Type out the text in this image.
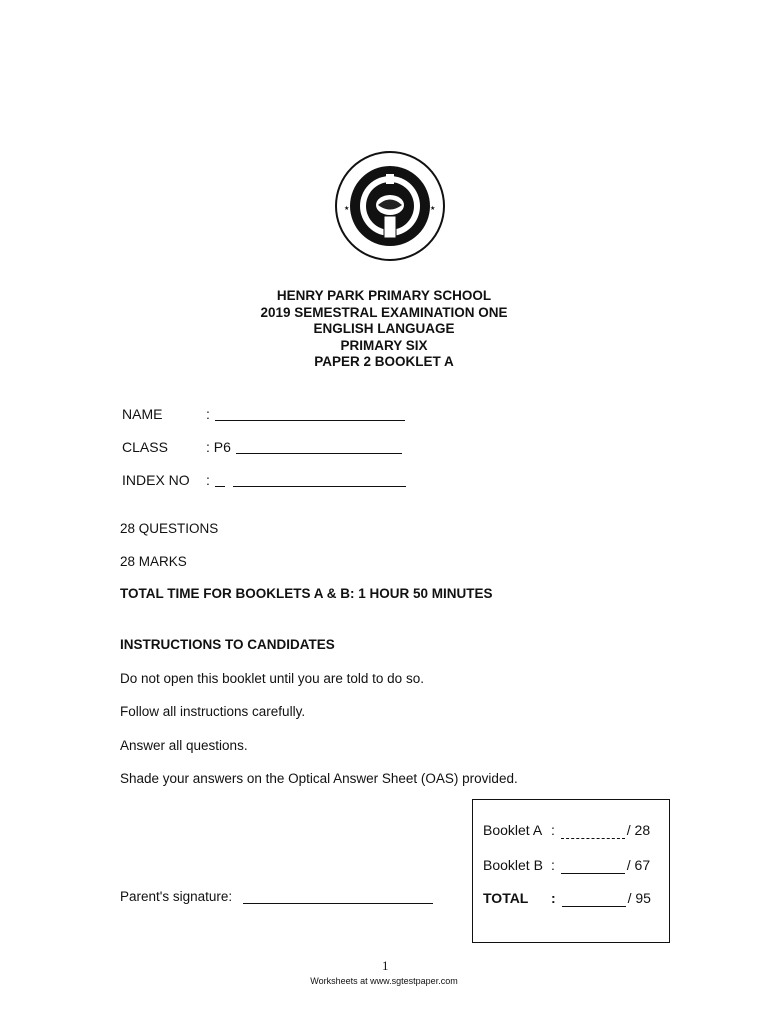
★	★
HENRY PARK PRIMARY SCHOOL
2019 SEMESTRAL EXAMINATION ONE
ENGLISH LANGUAGE
PRIMARY SIX
PAPER 2 BOOKLET A
NAME	:
CLASS	: P6
INDEX NO :
28 QUESTIONS
28 MARKS
TOTAL TIME FOR BOOKLETS A & B: 1 HOUR 50 MINUTES
INSTRUCTIONS TO CANDIDATES
Do not open this booklet until you are told to do so.
Follow all instructions carefully.
Answer all questions.
Shade your answers on the Optical Answer Sheet (OAS) provided.
Parent's signature:
Booklet A :	/ 28
Booklet B :	/ 67
TOTAL :	/ 95
1
Worksheets at www.sgtestpaper.com
